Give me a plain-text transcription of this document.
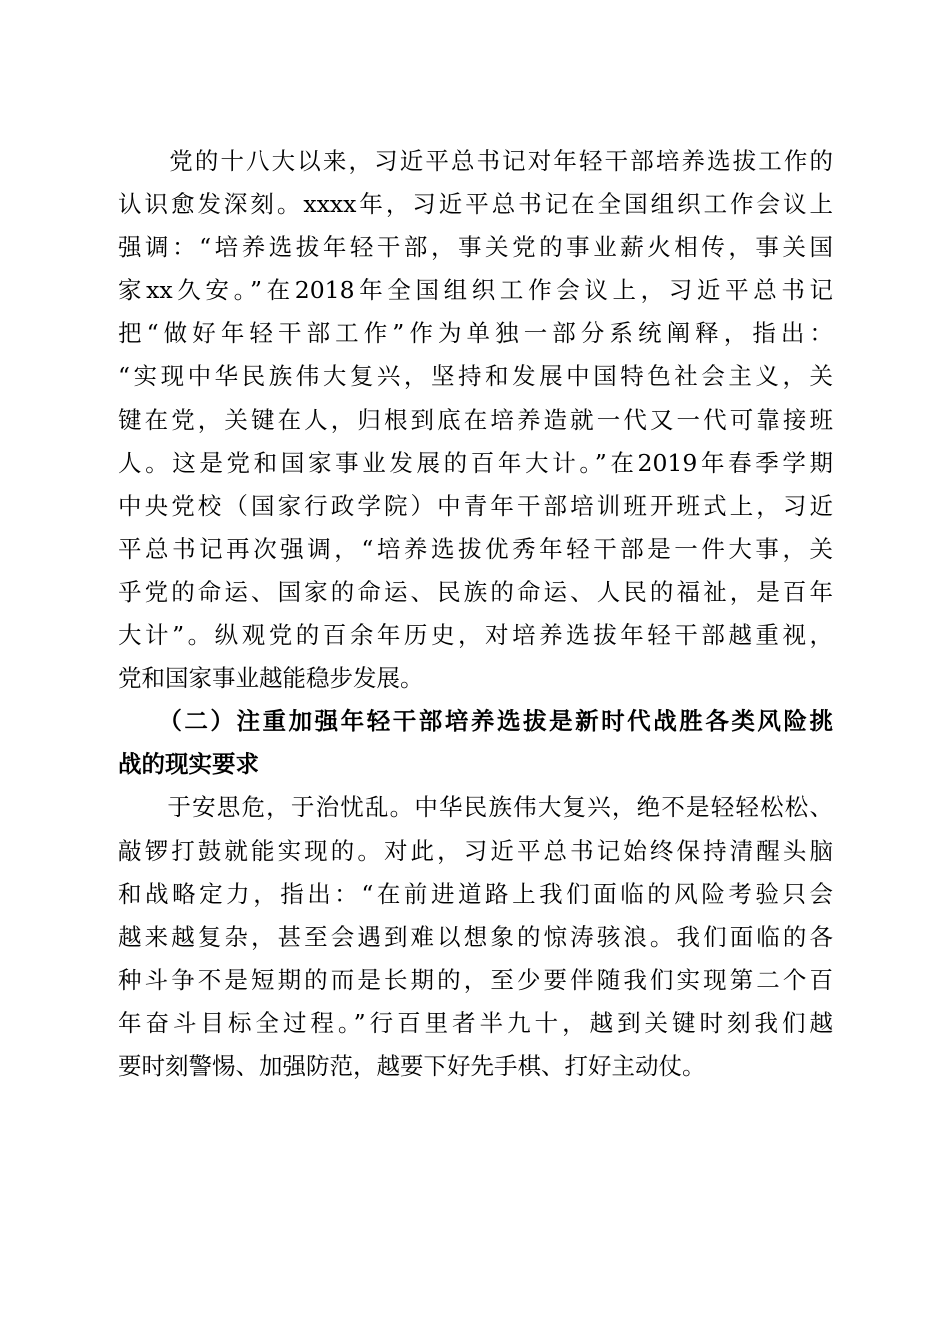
　　党的十八大以来，习近平总书记对年轻干部培养选拔工作的
认识愈发深刻。xxxx年，习近平总书记在全国组织工作会议上
强调：“培养选拔年轻干部，事关党的事业薪火相传，事关国
家xx久安。”在2018年全国组织工作会议上，习近平总书记
把“做好年轻干部工作”作为单独一部分系统阐释，指出：
“实现中华民族伟大复兴，坚持和发展中国特色社会主义，关
键在党，关键在人，归根到底在培养造就一代又一代可靠接班
人。这是党和国家事业发展的百年大计。”在2019年春季学期
中央党校（国家行政学院）中青年干部培训班开班式上，习近
平总书记再次强调，“培养选拔优秀年轻干部是一件大事，关
乎党的命运、国家的命运、民族的命运、人民的福祉，是百年
大计”。纵观党的百余年历史，对培养选拔年轻干部越重视，
党和国家事业越能稳步发展。
　　（二）注重加强年轻干部培养选拔是新时代战胜各类风险挑
战的现实要求
　　于安思危，于治忧乱。中华民族伟大复兴，绝不是轻轻松松、
敲锣打鼓就能实现的。对此，习近平总书记始终保持清醒头脑
和战略定力，指出：“在前进道路上我们面临的风险考验只会
越来越复杂，甚至会遇到难以想象的惊涛骇浪。我们面临的各
种斗争不是短期的而是长期的，至少要伴随我们实现第二个百
年奋斗目标全过程。”行百里者半九十，越到关键时刻我们越
要时刻警惕、加强防范，越要下好先手棋、打好主动仗。
